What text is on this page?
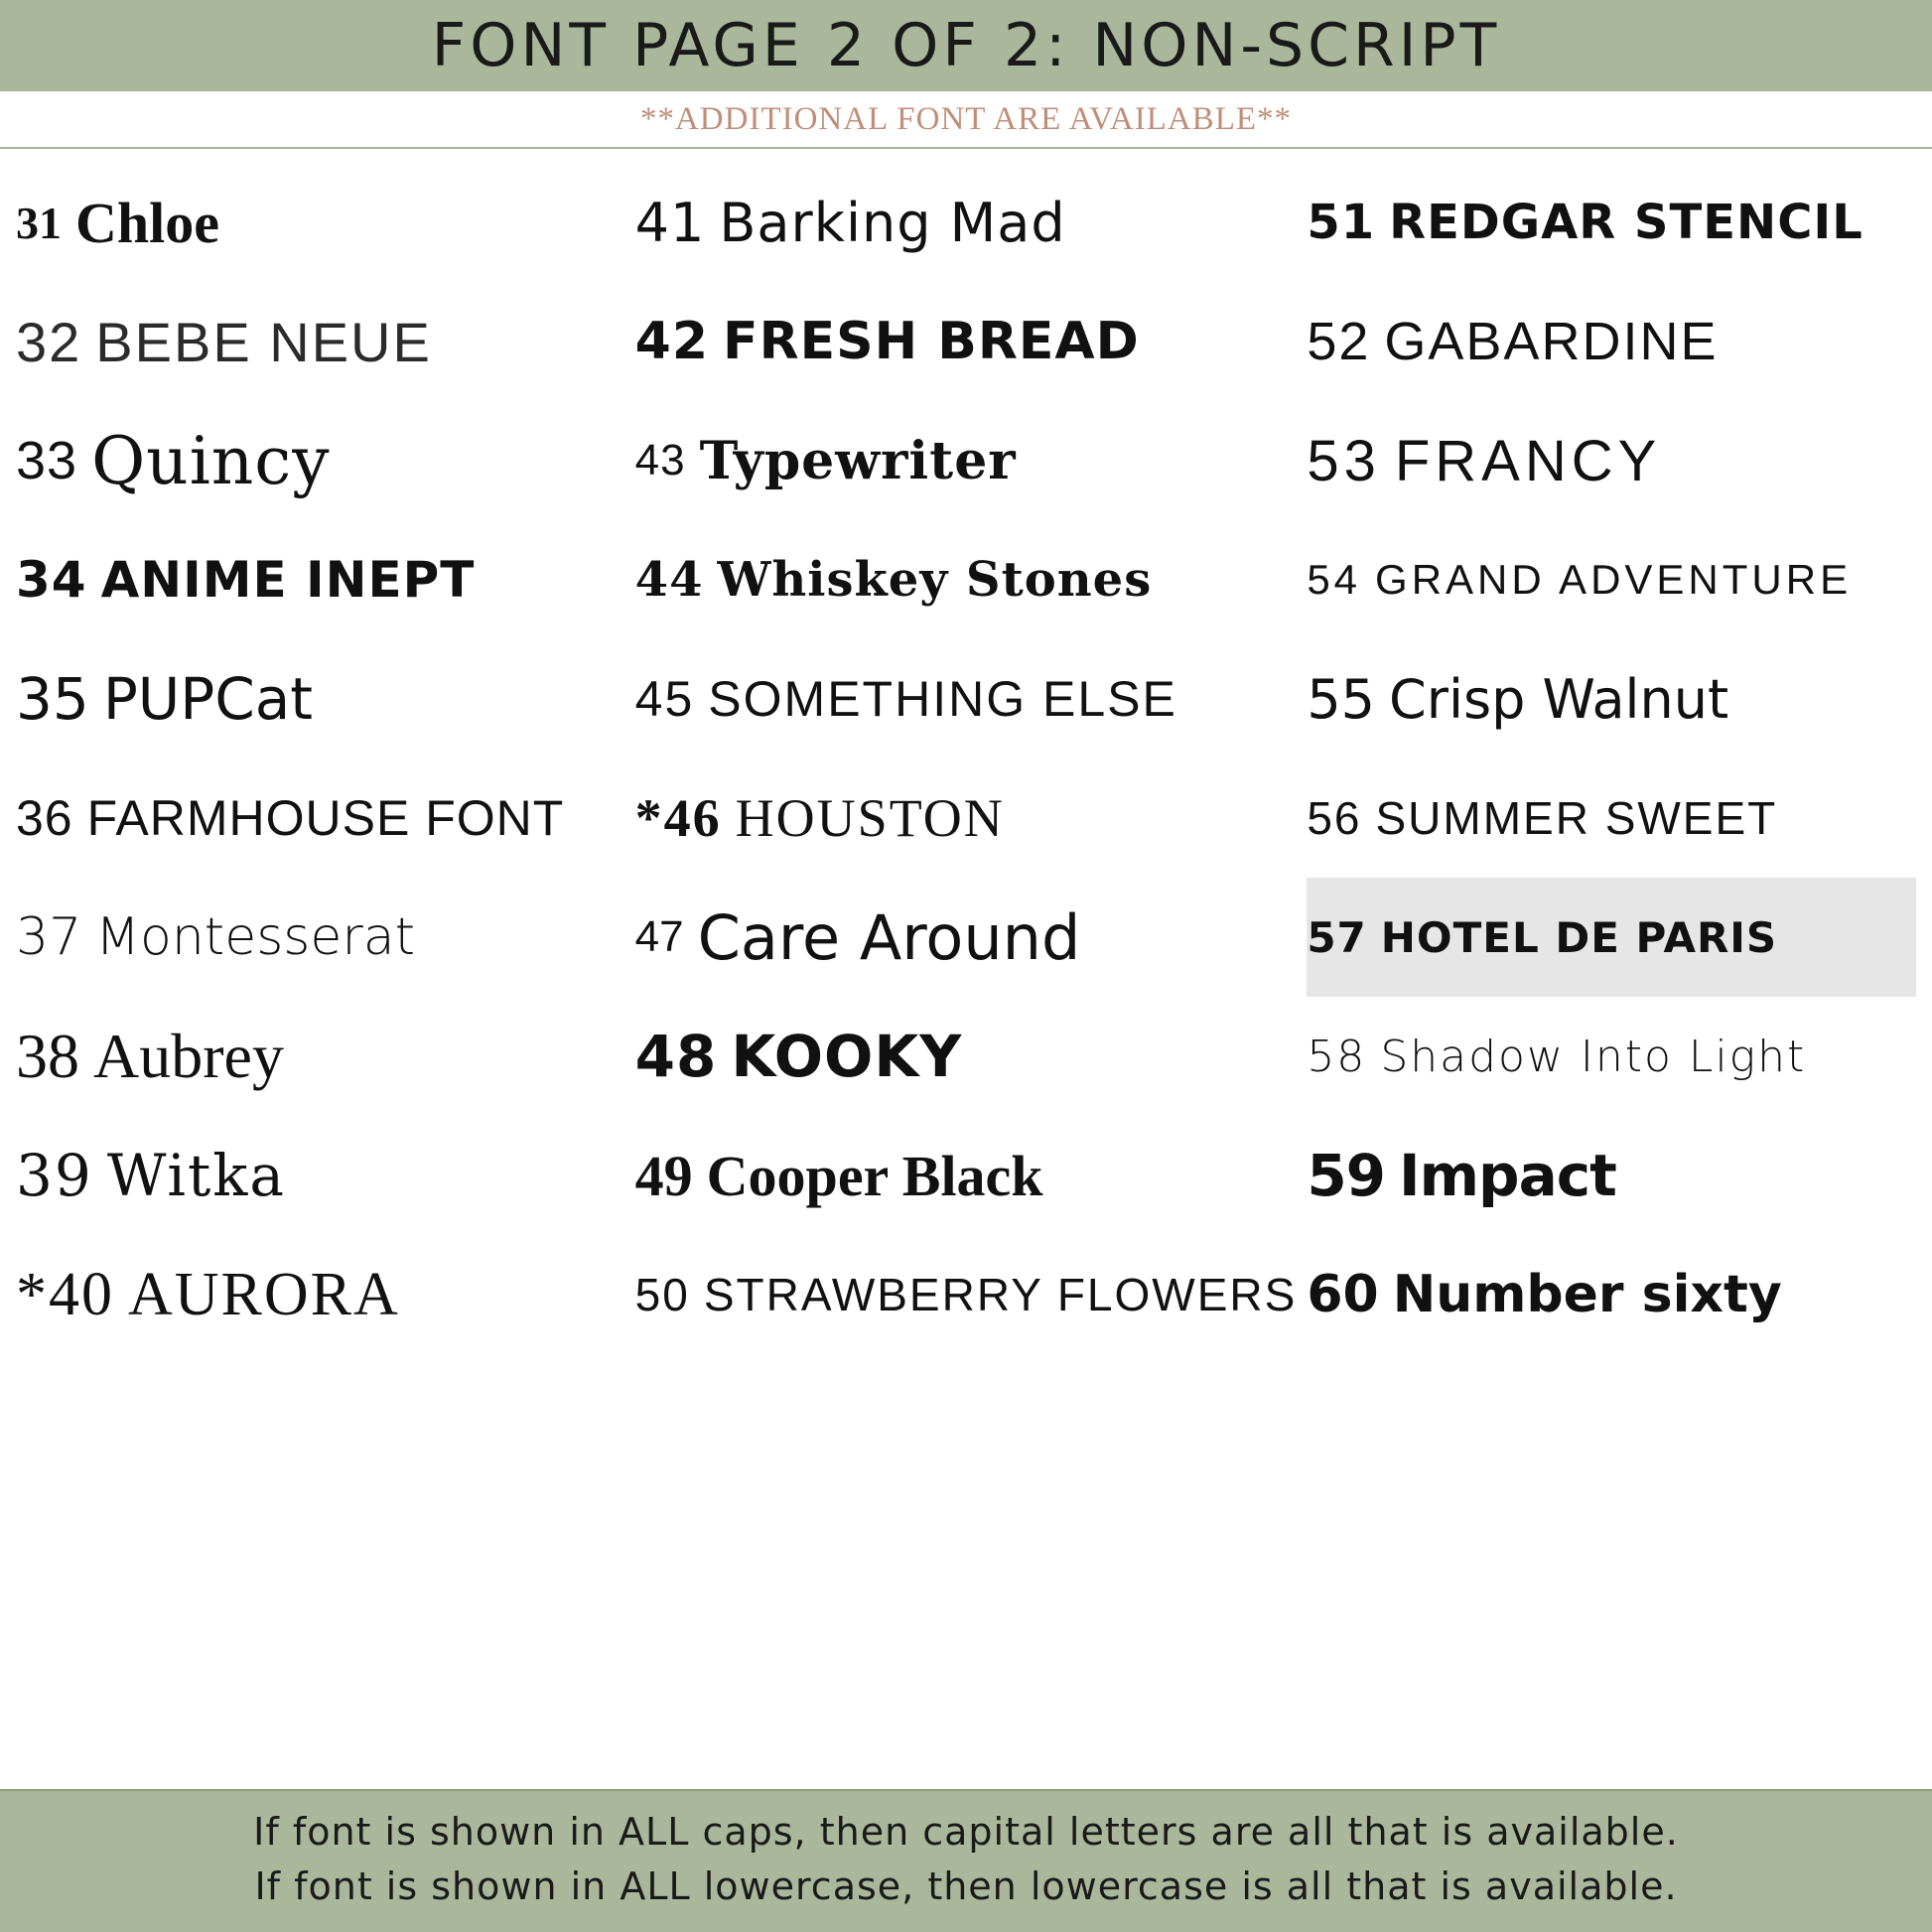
FONT PAGE 2 OF 2: NON-SCRIPT
**ADDITIONAL FONT ARE AVAILABLE**
31 Chloe
32 BEBE NEUE
33 Quincy
34 ANIME INEPT
35 PUPCat
36 FARMHOUSE FONT
37 Montesserat
38 Aubrey
39 Witka
*40 AURORA
41 Barking Mad
42 FRESH BREAD
43 Typewriter
44 Whiskey Stones
45 SOMETHING ELSE
*46 HOUSTON
47 Care Around
48 KOOKY
49 Cooper Black
50 STRAWBERRY FLOWERS
51 REDGAR STENCIL
52 GABARDINE
53 FRANCY
54 GRAND ADVENTURE
55 Crisp Walnut
56 SUMMER SWEET
57 HOTEL DE PARIS
58 Shadow Into Light
59 Impact
60 Number sixty
If font is shown in ALL caps, then capital letters are all that is available.
If font is shown in ALL lowercase, then lowercase is all that is available.
